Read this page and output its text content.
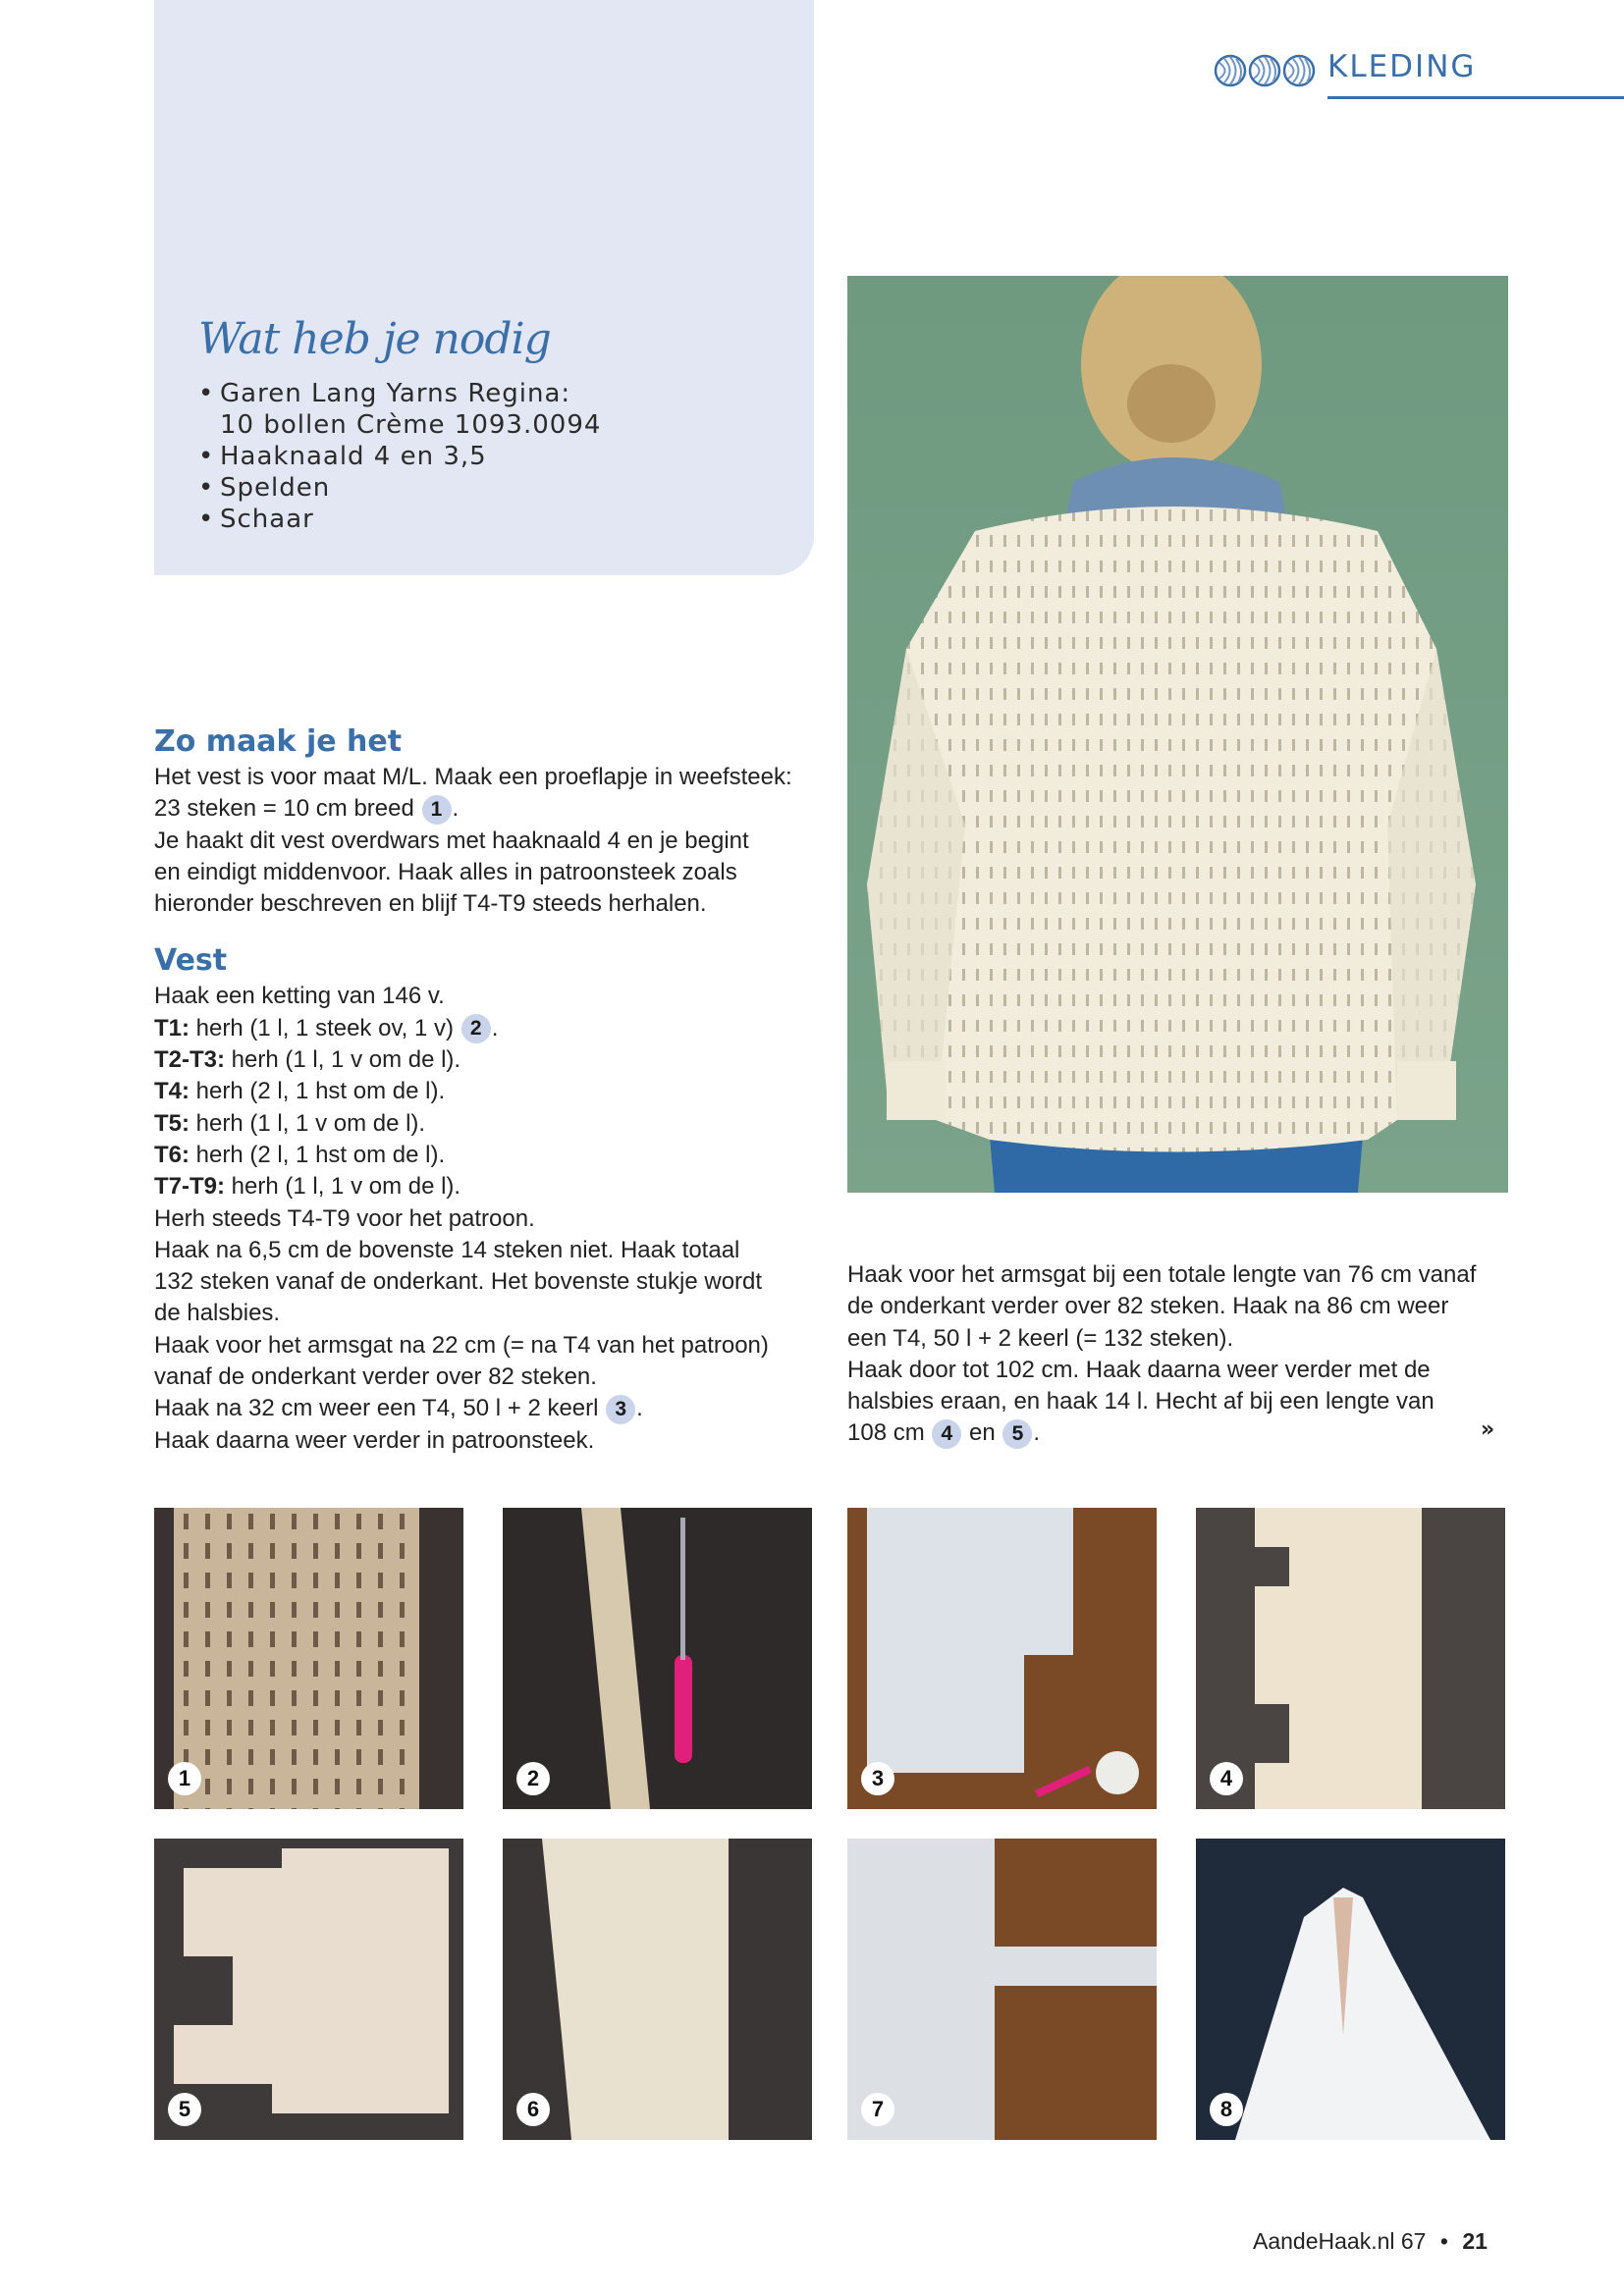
KLEDING
Wat heb je nodig
• Garen Lang Yarns Regina:
10 bollen Crème 1093.0094
• Haaknaald 4 en 3,5
• Spelden
• Schaar
Zo maak je het
Het vest is voor maat M/L. Maak een proeflapje in weefsteek:
23 steken = 10 cm breed 1 .
Je haakt dit vest overdwars met haaknaald 4 en je begint
en eindigt middenvoor. Haak alles in patroonsteek zoals
hieronder beschreven en blijf T4-T9 steeds herhalen.
Vest
Haak een ketting van 146 v.
T1: herh (1 l, 1 steek ov, 1 v) 2 .
T2-T3: herh (1 l, 1 v om de l).
T4: herh (2 l, 1 hst om de l).
T5: herh (1 l, 1 v om de l).
T6: herh (2 l, 1 hst om de l).
T7-T9: herh (1 l, 1 v om de l).
Herh steeds T4-T9 voor het patroon.
Haak na 6,5 cm de bovenste 14 steken niet. Haak totaal
132 steken vanaf de onderkant. Het bovenste stukje wordt
de halsbies.
Haak voor het armsgat na 22 cm (= na T4 van het patroon)
vanaf de onderkant verder over 82 steken.
Haak na 32 cm weer een T4, 50 l + 2 keerl 3 .
Haak daarna weer verder in patroonsteek.
Haak voor het armsgat bij een totale lengte van 76 cm vanaf
de onderkant verder over 82 steken. Haak na 86 cm weer
een T4, 50 l + 2 keerl (= 132 steken).
Haak door tot 102 cm. Haak daarna weer verder met de
halsbies eraan, en haak 14 l. Hecht af bij een lengte van
108 cm 4 en 5 .	»
1	2	3	4
5	6	7	8
AandeHaak.nl 67 • 21
